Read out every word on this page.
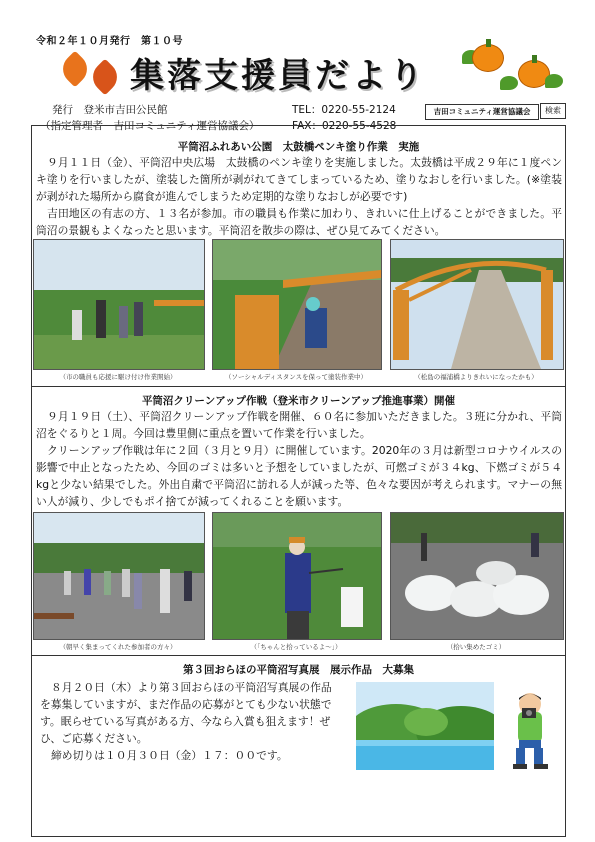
令和２年１０月発行　第１０号
集落支援員だより
発行　登米市吉田公民館
（指定管理者　吉田コミュニティ運営協議会）
TEL：0220-55-2124
FAX：0220-55-4528
吉田コミュニティ運営協議会	検索
平筒沼ふれあい公園　太鼓橋ペンキ塗り作業　実施
９月１１日（金）、平筒沼中央広場　太鼓橋のペンキ塗りを実施しました。太鼓橋は平成２９年に１度ペンキ塗りを行いましたが、塗装した箇所が剥がれてきてしまっているため、塗りなおしを行いました。(※塗装が剥がれた場所から腐食が進んでしまうため定期的な塗りなおしが必要です)
吉田地区の有志の方、１３名が参加。市の職員も作業に加わり、きれいに仕上げることができました。平筒沼の景観もよくなったと思います。平筒沼を散歩の際は、ぜひ見てみてください。
（市の職員も応援に駆け付け作業開始）	（ソーシャルディスタンスを保って塗装作業中）	（松島の福浦橋よりきれいになったかも）
平筒沼クリーンアップ作戦（登米市クリーンアップ推進事業）開催
９月１９日（土）、平筒沼クリーンアップ作戦を開催、６０名に参加いただきました。３班に分かれ、平筒沼をぐるりと１周。今回は豊里側に重点を置いて作業を行いました。
クリーンアップ作戦は年に２回（３月と９月）に開催しています。2020年の３月は新型コロナウイルスの影響で中止となったため、今回のゴミは多いと予想をしていましたが、可燃ゴミが３４kg、下燃ゴミが５４kgと少ない結果でした。外出自粛で平筒沼に訪れる人が減った等、色々な要因が考えられます。マナーの無い人が減り、少しでもポイ捨てが減ってくれることを願います。
（朝早く集まってくれた参加者の方々）	（「ちゃんと拾っているよ～」）	（拾い集めたゴミ）
第３回おらほの平筒沼写真展　展示作品　大募集
８月２０日（木）より第３回おらほの平筒沼写真展の作品を募集していますが、まだ作品の応募がとても少ない状態です。眠らせている写真がある方、今なら入賞も狙えます！ぜひ、ご応募ください。
締め切りは１０月３０日（金）１７：００です。
